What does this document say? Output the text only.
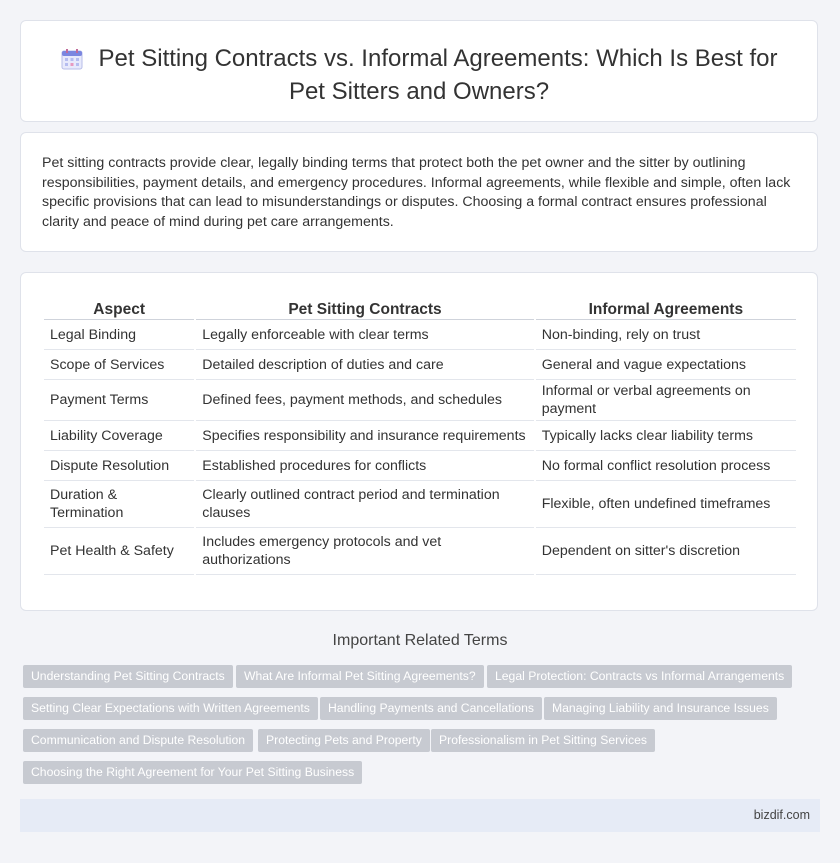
Pet Sitting Contracts vs. Informal Agreements: Which Is Best for Pet Sitters and Owners?

Pet sitting contracts provide clear, legally binding terms that protect both the pet owner and the sitter by outlining responsibilities, payment details, and emergency procedures. Informal agreements, while flexible and simple, often lack specific provisions that can lead to misunderstandings or disputes. Choosing a formal contract ensures professional clarity and peace of mind during pet care arrangements.

Aspect	Pet Sitting Contracts	Informal Agreements
Legal Binding	Legally enforceable with clear terms	Non-binding, rely on trust
Scope of Services	Detailed description of duties and care	General and vague expectations
Payment Terms	Defined fees, payment methods, and schedules	Informal or verbal agreements on payment
Liability Coverage	Specifies responsibility and insurance requirements	Typically lacks clear liability terms
Dispute Resolution	Established procedures for conflicts	No formal conflict resolution process
Duration & Termination	Clearly outlined contract period and termination clauses	Flexible, often undefined timeframes
Pet Health & Safety	Includes emergency protocols and vet authorizations	Dependent on sitter's discretion
Important Related Terms
Understanding Pet Sitting Contracts	What Are Informal Pet Sitting Agreements?	Legal Protection: Contracts vs Informal Arrangements
Setting Clear Expectations with Written Agreements	Handling Payments and Cancellations	Managing Liability and Insurance Issues
Communication and Dispute Resolution	Protecting Pets and Property	Professionalism in Pet Sitting Services
Choosing the Right Agreement for Your Pet Sitting Business
bizdif.com
